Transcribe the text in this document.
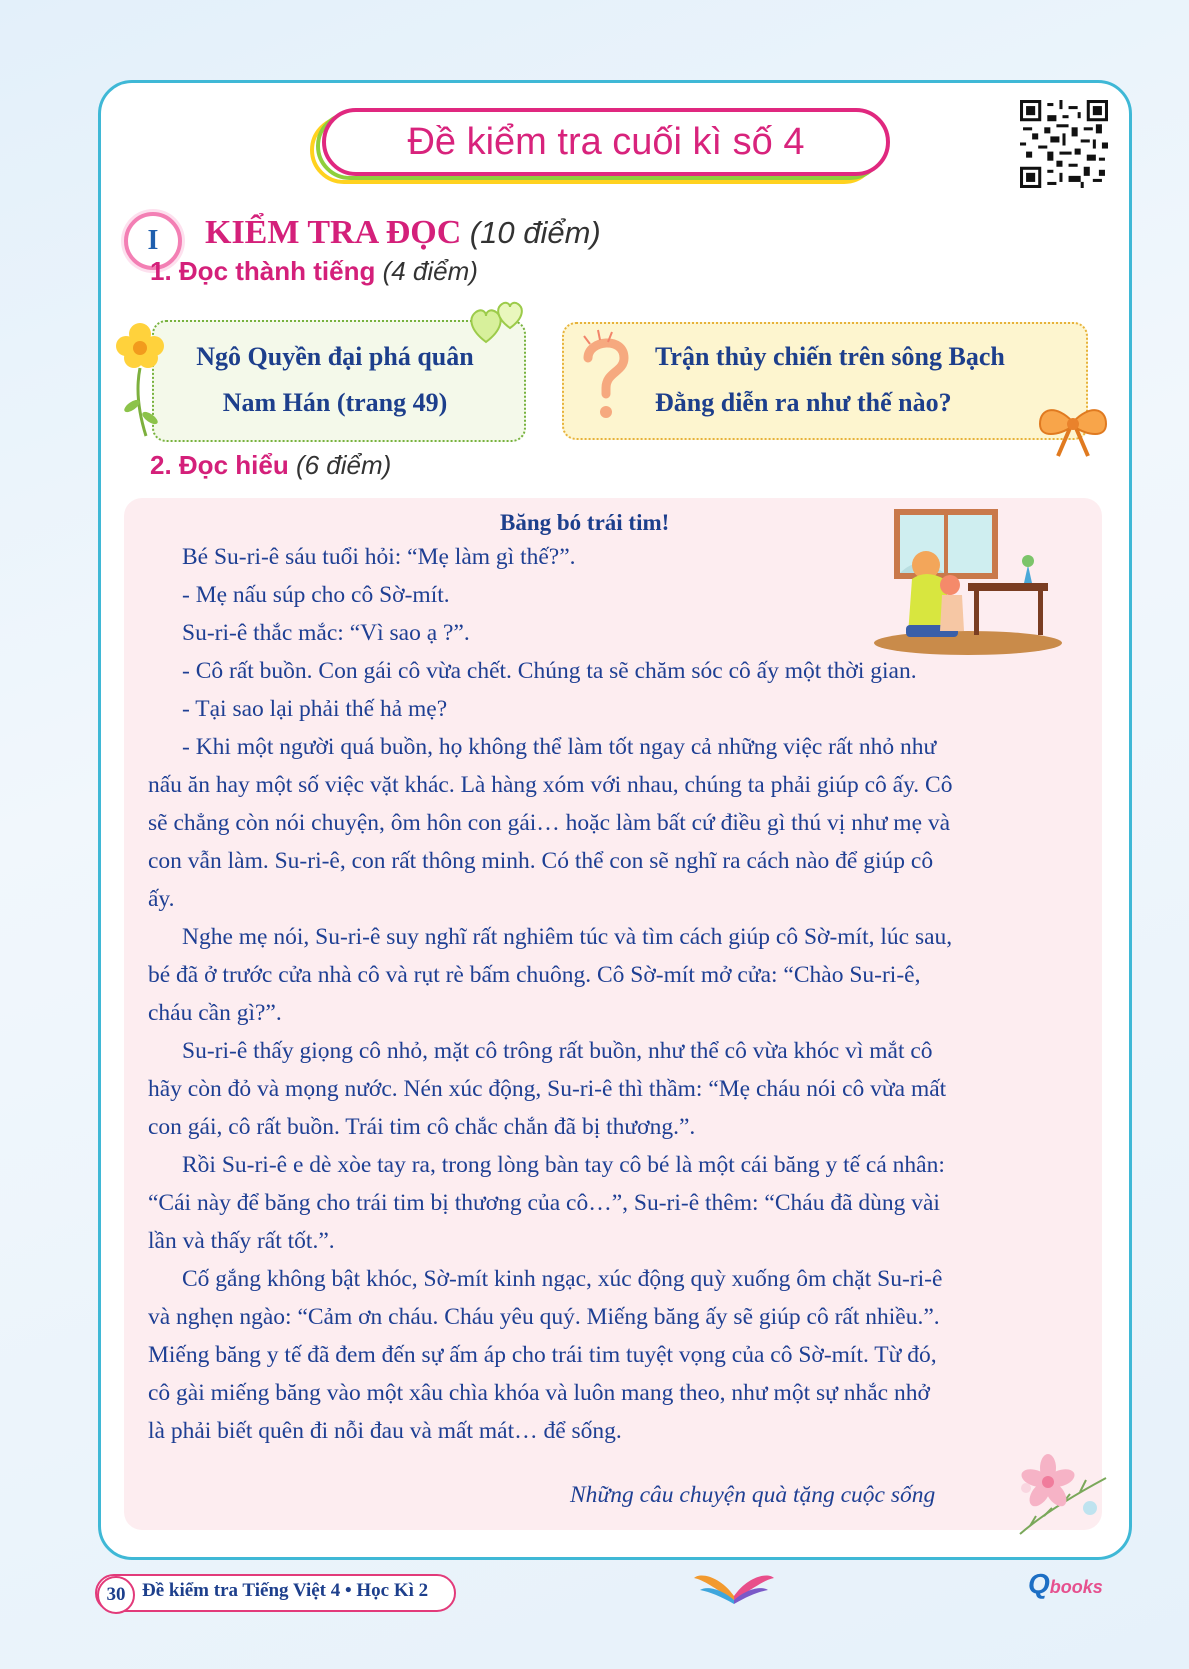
Đề kiểm tra cuối kì số 4
I	KIỂM TRA ĐỌC (10 điểm)
1. Đọc thành tiếng (4 điểm)
Ngô Quyền đại phá quân
Nam Hán (trang 49)
Trận thủy chiến trên sông Bạch
Đằng diễn ra như thế nào?
2. Đọc hiểu (6 điểm)
Băng bó trái tim!
Bé Su-ri-ê sáu tuổi hỏi: “Mẹ làm gì thế?”.
- Mẹ nấu súp cho cô Sờ-mít.
Su-ri-ê thắc mắc: “Vì sao ạ ?”.
- Cô rất buồn. Con gái cô vừa chết. Chúng ta sẽ chăm sóc cô ấy một thời gian.
- Tại sao lại phải thế hả mẹ?
- Khi một người quá buồn, họ không thể làm tốt ngay cả những việc rất nhỏ như
nấu ăn hay một số việc vặt khác. Là hàng xóm với nhau, chúng ta phải giúp cô ấy. Cô
sẽ chẳng còn nói chuyện, ôm hôn con gái… hoặc làm bất cứ điều gì thú vị như mẹ và
con vẫn làm. Su-ri-ê, con rất thông minh. Có thể con sẽ nghĩ ra cách nào để giúp cô
ấy.
Nghe mẹ nói, Su-ri-ê suy nghĩ rất nghiêm túc và tìm cách giúp cô Sờ-mít, lúc sau,
bé đã ở trước cửa nhà cô và rụt rè bấm chuông. Cô Sờ-mít mở cửa: “Chào Su-ri-ê,
cháu cần gì?”.
Su-ri-ê thấy giọng cô nhỏ, mặt cô trông rất buồn, như thể cô vừa khóc vì mắt cô
hãy còn đỏ và mọng nước. Nén xúc động, Su-ri-ê thì thầm: “Mẹ cháu nói cô vừa mất
con gái, cô rất buồn. Trái tim cô chắc chắn đã bị thương.”.
Rồi Su-ri-ê e dè xòe tay ra, trong lòng bàn tay cô bé là một cái băng y tế cá nhân:
“Cái này để băng cho trái tim bị thương của cô…”, Su-ri-ê thêm: “Cháu đã dùng vài
lần và thấy rất tốt.”.
Cố gắng không bật khóc, Sờ-mít kinh ngạc, xúc động quỳ xuống ôm chặt Su-ri-ê
và nghẹn ngào: “Cảm ơn cháu. Cháu yêu quý. Miếng băng ấy sẽ giúp cô rất nhiều.”.
Miếng băng y tế đã đem đến sự ấm áp cho trái tim tuyệt vọng của cô Sờ-mít. Từ đó,
cô gài miếng băng vào một xâu chìa khóa và luôn mang theo, như một sự nhắc nhở
là phải biết quên đi nỗi đau và mất mát… để sống.
Những câu chuyện quà tặng cuộc sống
30 Đề kiểm tra Tiếng Việt 4 • Học Kì 2	Qbooks
